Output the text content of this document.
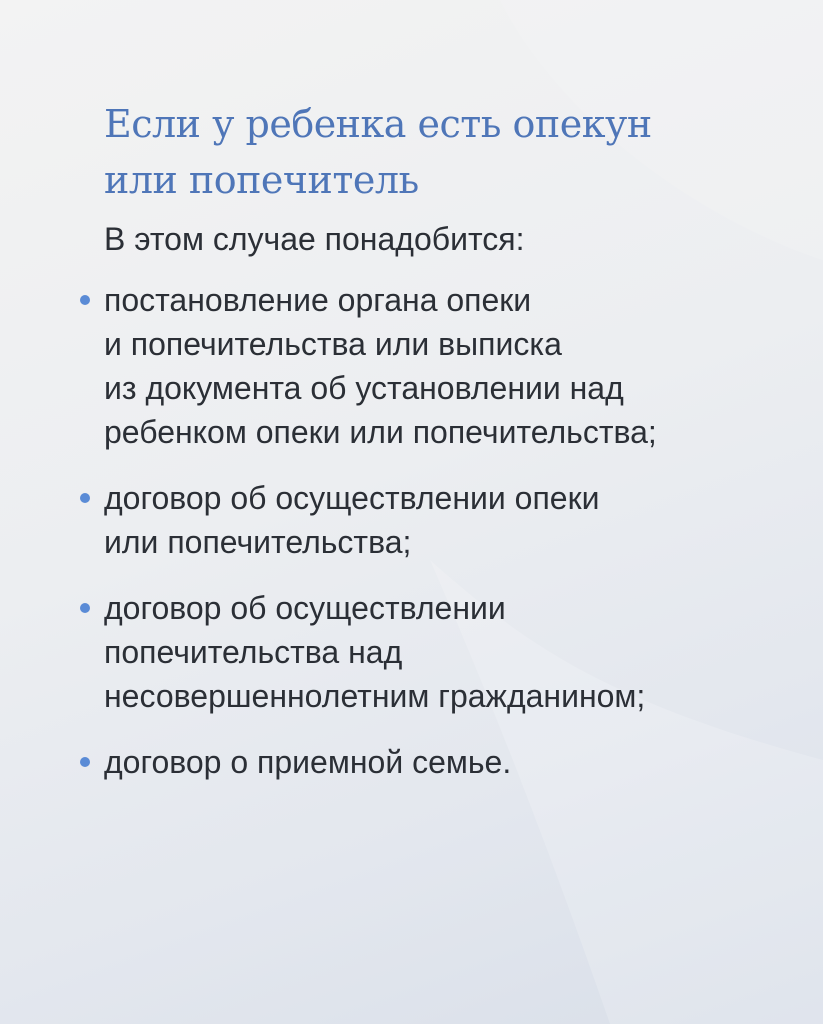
Если у ребенка есть опекун
или попечитель

В этом случае понадобится:

постановление органа опеки
и попечительства или выписка
из документа об установлении над
ребенком опеки или попечительства;
договор об осуществлении опеки
или попечительства;
договор об осуществлении
попечительства над
несовершеннолетним гражданином;
договор о приемной семье.
